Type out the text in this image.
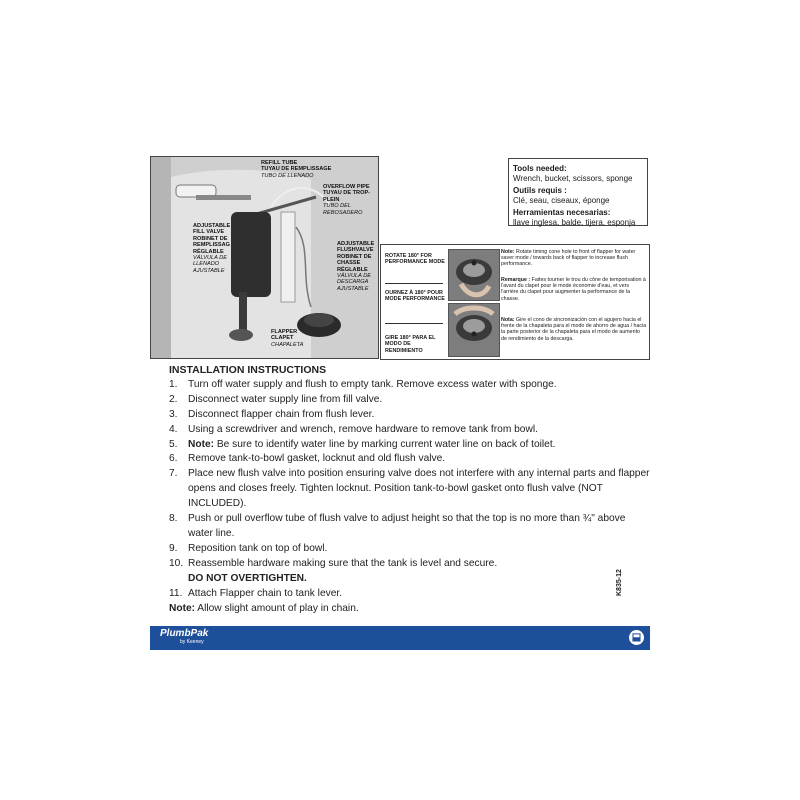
REFILL TUBE
TUYAU DE REMPLISSAGE
TUBO DE LLENADO
OVERFLOW PIPE
TUYAU DE TROP-PLEIN
TUBO DEL REBOSADERO
ADJUSTABLE FILL VALVE
ROBINET DE REMPLISSAG RÉGLABLE
VÁLVULA DE LLENADO AJUSTABLE
ADJUSTABLE FLUSHVALVE
ROBINET DE CHASSE RÉGLABLE
VÁLVULA DE DESCARGA AJUSTABLE
FLAPPER
CLAPET
CHAPALETA
Tools needed:
Wrench, bucket, scissors, sponge
Outils requis :
Clé, seau, ciseaux, éponge
Herramientas necesarias:
llave inglesa, balde, tijera, esponja
ROTATE 180° FOR PERFORMANCE MODE
OURNEZ À 180° POUR MODE PERFORMANCE
GIRE 180° PARA EL MODO DE RENDIMIENTO
Note: Rotate timing cone hole to front of flapper for water saver mode / towards back of flapper to increase flush performance.
Remarque : Faites tourner le trou du cône de temporisation à l'avant du clapet pour le mode économie d'eau, et vers l'arrière du clapet pour augmenter la performance de la chasse.
Nota: Gire el cono de sincronización con el agujero hacia el frente de la chapaleta para el modo de ahorro de agua / hacia la parte posterior de la chapaleta para el modo de aumento de rendimiento de la descarga.
INSTALLATION INSTRUCTIONS
1. Turn off water supply and flush to empty tank. Remove excess water with sponge.
2. Disconnect water supply line from fill valve.
3. Disconnect flapper chain from flush lever.
4. Using a screwdriver and wrench, remove hardware to remove tank from bowl.
5. Note: Be sure to identify water line by marking current water line on back of toilet.
6. Remove tank-to-bowl gasket, locknut and old flush valve.
7. Place new flush valve into position ensuring valve does not interfere with any internal parts and flapper opens and closes freely. Tighten locknut. Position tank-to-bowl gasket onto flush valve (NOT INCLUDED).
8. Push or pull overflow tube of flush valve to adjust height so that the top is no more than ¾" above water line.
9. Reposition tank on top of bowl.
10. Reassemble hardware making sure that the tank is level and secure.
DO NOT OVERTIGHTEN.
11. Attach Flapper chain to tank lever.
Note: Allow slight amount of play in chain.
K835-12
PlumbPak
by Keeney	⬓
